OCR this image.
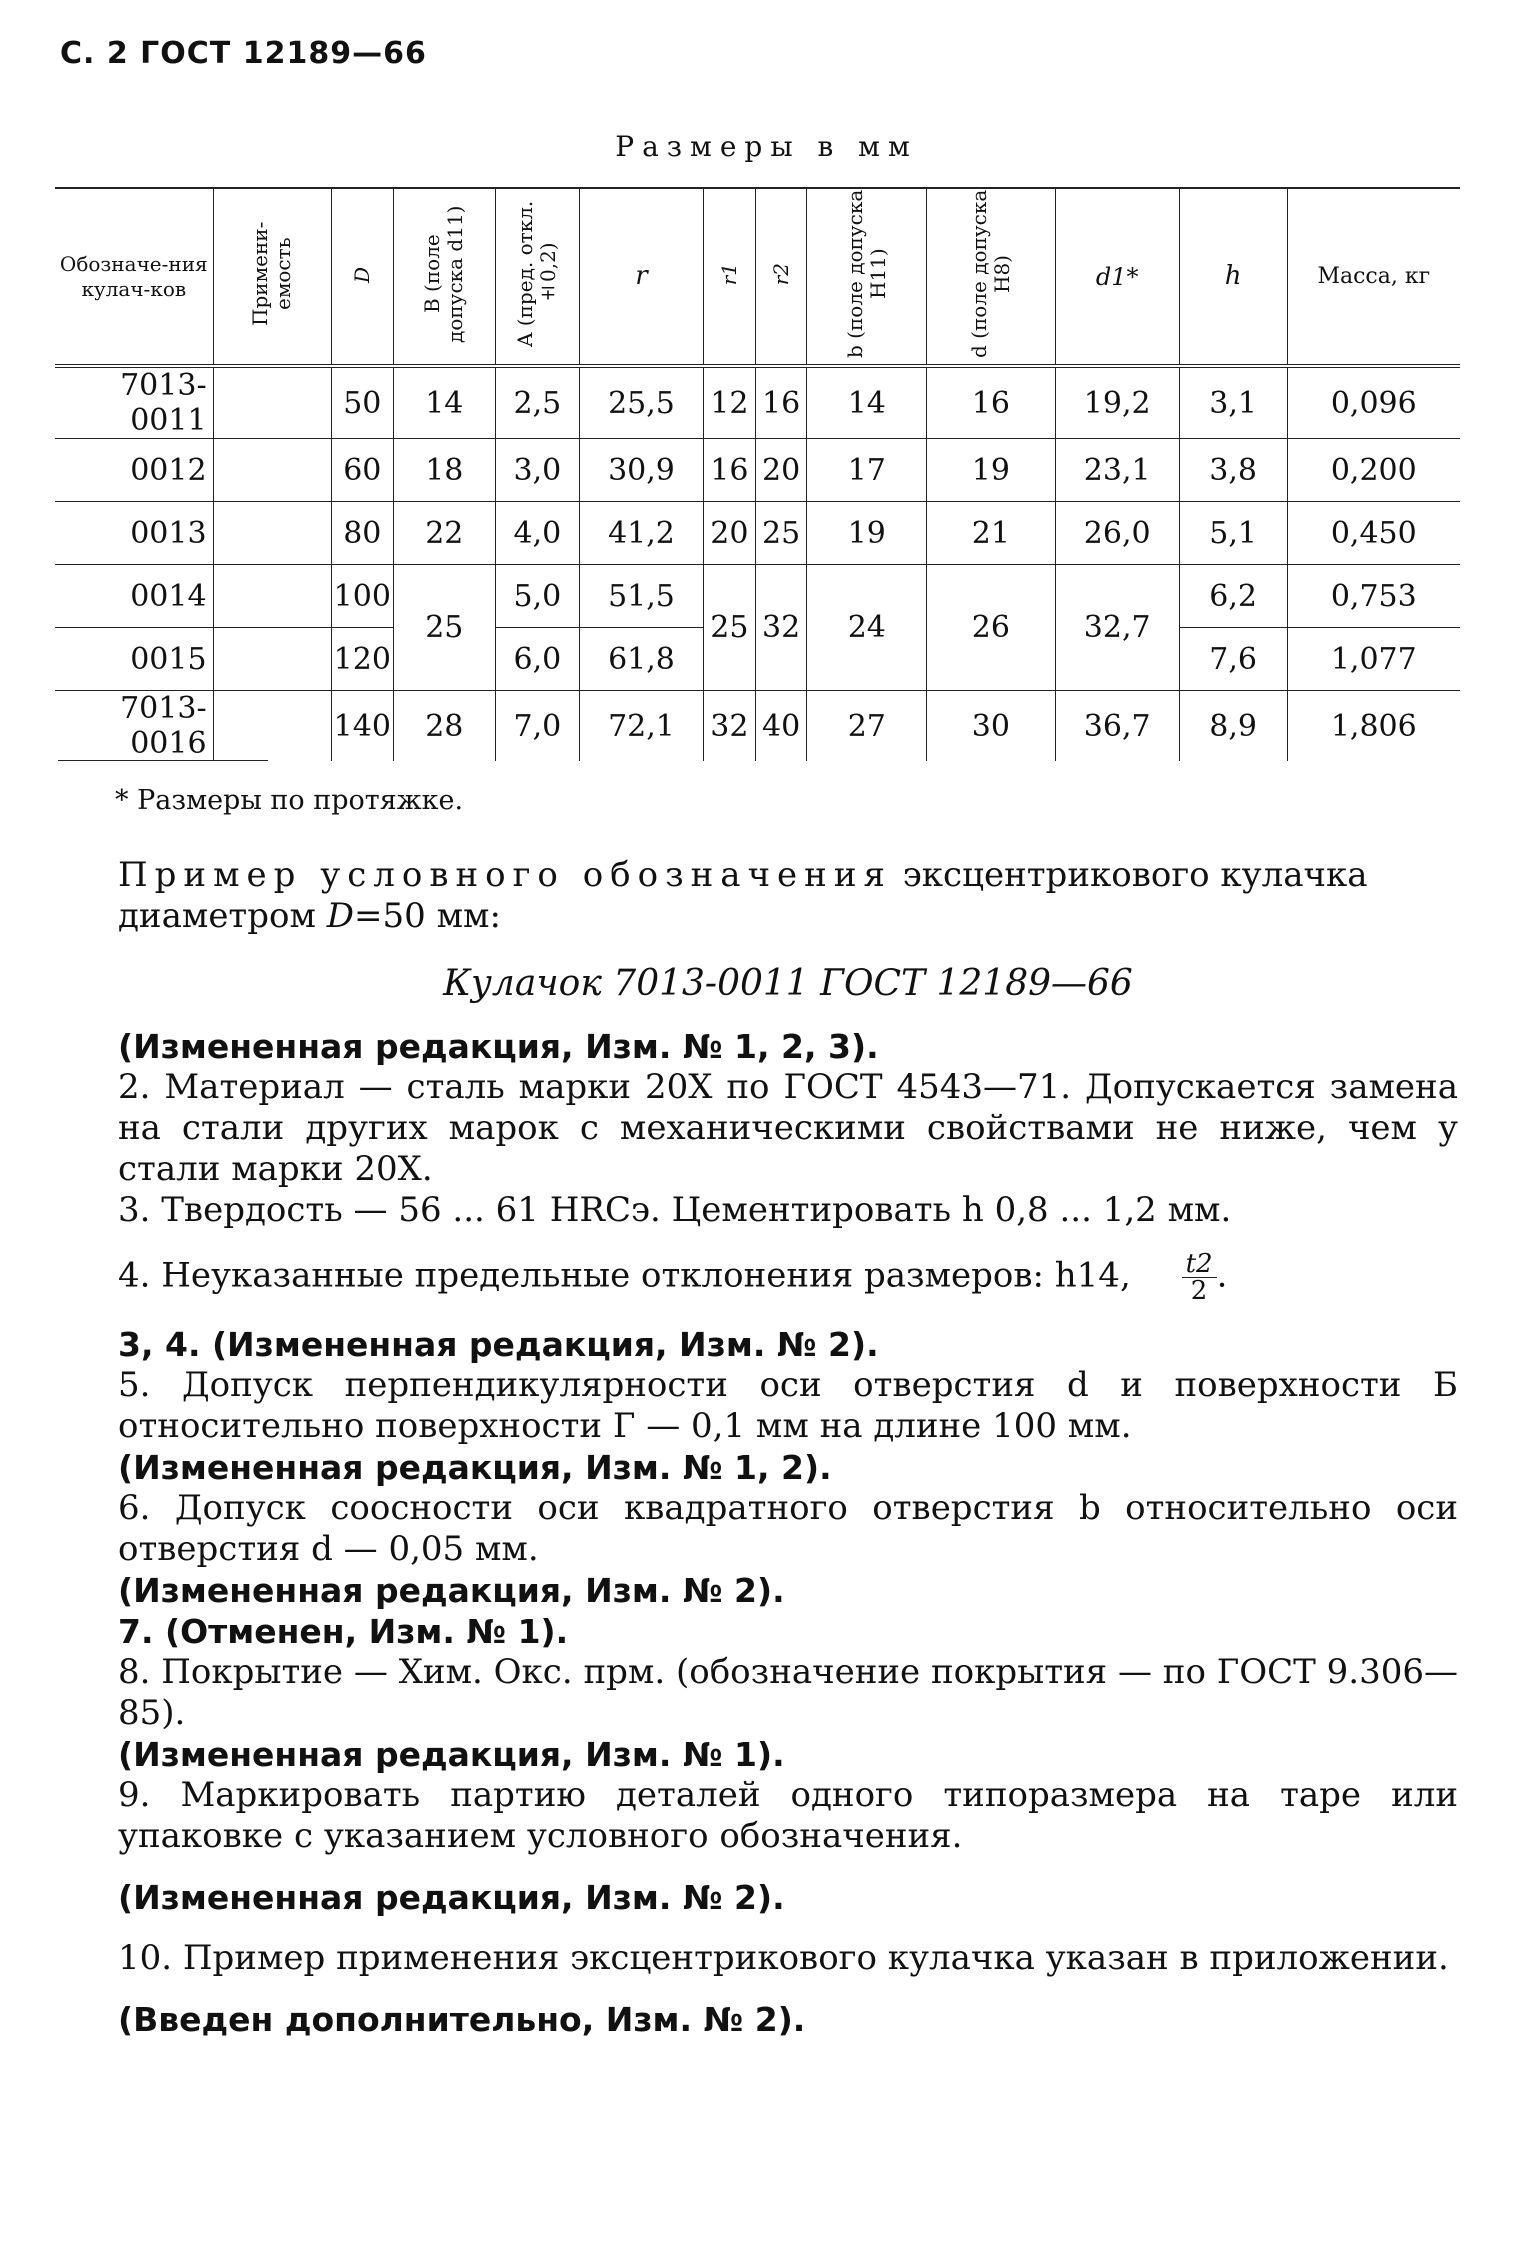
С. 2 ГОСТ 12189—66
Размеры в мм
Обозначе-ния кулач-ков	Примени-емость	D	B (поле допуска d11)	A (пред. откл.±0,2)	r	r1	r2	b (поле допуска H11)	d (поле допуска H8)	d1*	h	Масса, кг
7013-0011		50	14	2,5	25,5	12	16	14	16	19,2	3,1	0,096
0012		60	18	3,0	30,9	16	20	17	19	23,1	3,8	0,200
0013		80	22	4,0	41,2	20	25	19	21	26,0	5,1	0,450
0014		100	25	5,0	51,5	25	32	24	26	32,7	6,2	0,753
0015		120		6,0	61,8						7,6	1,077
7013-0016		140	28	7,0	72,1	32	40	27	30	36,7	8,9	1,806
* Размеры по протяжке.

Пример условного обозначения эксцентрикового кулачка диаметром D=50 мм:

Кулачок 7013-0011 ГОСТ 12189—66

(Измененная редакция, Изм. № 1, 2, 3).

2. Материал — сталь марки 20Х по ГОСТ 4543—71. Допускается замена на стали других марок с механическими свойствами не ниже, чем у стали марки 20Х.

3. Твердость — 56 ... 61 HRCэ. Цементировать h 0,8 ... 1,2 мм.

4. Неуказанные предельные отклонения размеров: h14, $\frac{t2}{2}$ .

3, 4. (Измененная редакция, Изм. № 2).

5. Допуск перпендикулярности оси отверстия d и поверхности Б относительно поверхности Г — 0,1 мм на длине 100 мм.

(Измененная редакция, Изм. № 1, 2).

6. Допуск соосности оси квадратного отверстия b относительно оси отверстия d — 0,05 мм.

(Измененная редакция, Изм. № 2).

7. (Отменен, Изм. № 1).

8. Покрытие — Хим. Окс. прм. (обозначение покрытия — по ГОСТ 9.306—85).

(Измененная редакция, Изм. № 1).

9. Маркировать партию деталей одного типоразмера на таре или упаковке с указанием условного обозначения.

(Измененная редакция, Изм. № 2).

10. Пример применения эксцентрикового кулачка указан в приложении.

(Введен дополнительно, Изм. № 2).
